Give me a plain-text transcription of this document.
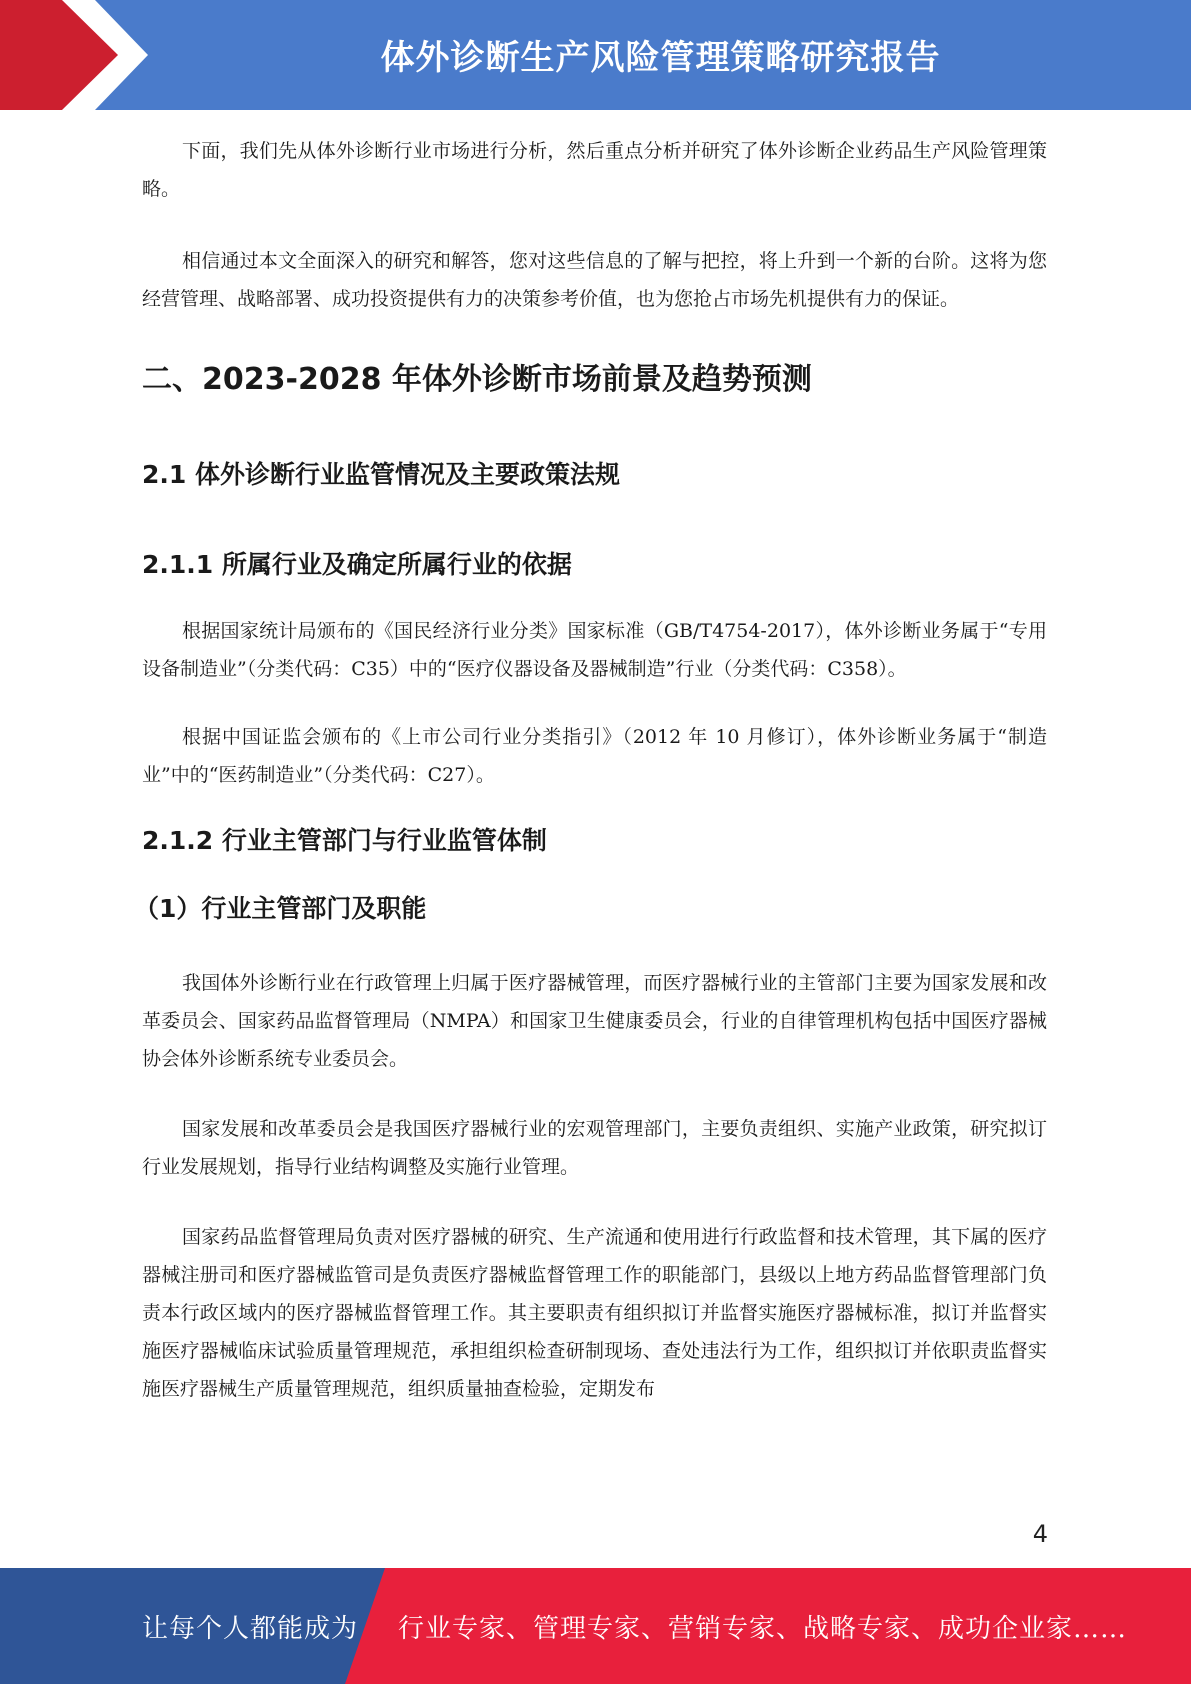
体外诊断生产风险管理策略研究报告

下面，我们先从体外诊断行业市场进行分析，然后重点分析并研究了体外诊断企业药品生产风险管理策略。

相信通过本文全面深入的研究和解答，您对这些信息的了解与把控，将上升到一个新的台阶。这将为您经营管理、战略部署、成功投资提供有力的决策参考价值，也为您抢占市场先机提供有力的保证。

二、2023-2028 年体外诊断市场前景及趋势预测
2.1 体外诊断行业监管情况及主要政策法规
2.1.1 所属行业及确定所属行业的依据

根据国家统计局颁布的《国民经济行业分类》国家标准（GB/T4754-2017），体外诊断业务属于“专用设备制造业”（分类代码：C35）中的“医疗仪器设备及器械制造”行业（分类代码：C358）。

根据中国证监会颁布的《上市公司行业分类指引》（2012 年 10 月修订），体外诊断业务属于“制造业”中的“医药制造业”（分类代码：C27）。

2.1.2 行业主管部门与行业监管体制
（1）行业主管部门及职能

我国体外诊断行业在行政管理上归属于医疗器械管理，而医疗器械行业的主管部门主要为国家发展和改革委员会、国家药品监督管理局（NMPA）和国家卫生健康委员会，行业的自律管理机构包括中国医疗器械协会体外诊断系统专业委员会。

国家发展和改革委员会是我国医疗器械行业的宏观管理部门，主要负责组织、实施产业政策，研究拟订行业发展规划，指导行业结构调整及实施行业管理。

国家药品监督管理局负责对医疗器械的研究、生产流通和使用进行行政监督和技术管理，其下属的医疗器械注册司和医疗器械监管司是负责医疗器械监督管理工作的职能部门，县级以上地方药品监督管理部门负责本行政区域内的医疗器械监督管理工作。其主要职责有组织拟订并监督实施医疗器械标准，拟订并监督实施医疗器械临床试验质量管理规范，承担组织检查研制现场、查处违法行为工作，组织拟订并依职责监督实施医疗器械生产质量管理规范，组织质量抽查检验，定期发布

4
让每个人都能成为 行业专家、管理专家、营销专家、战略专家、成功企业家……
